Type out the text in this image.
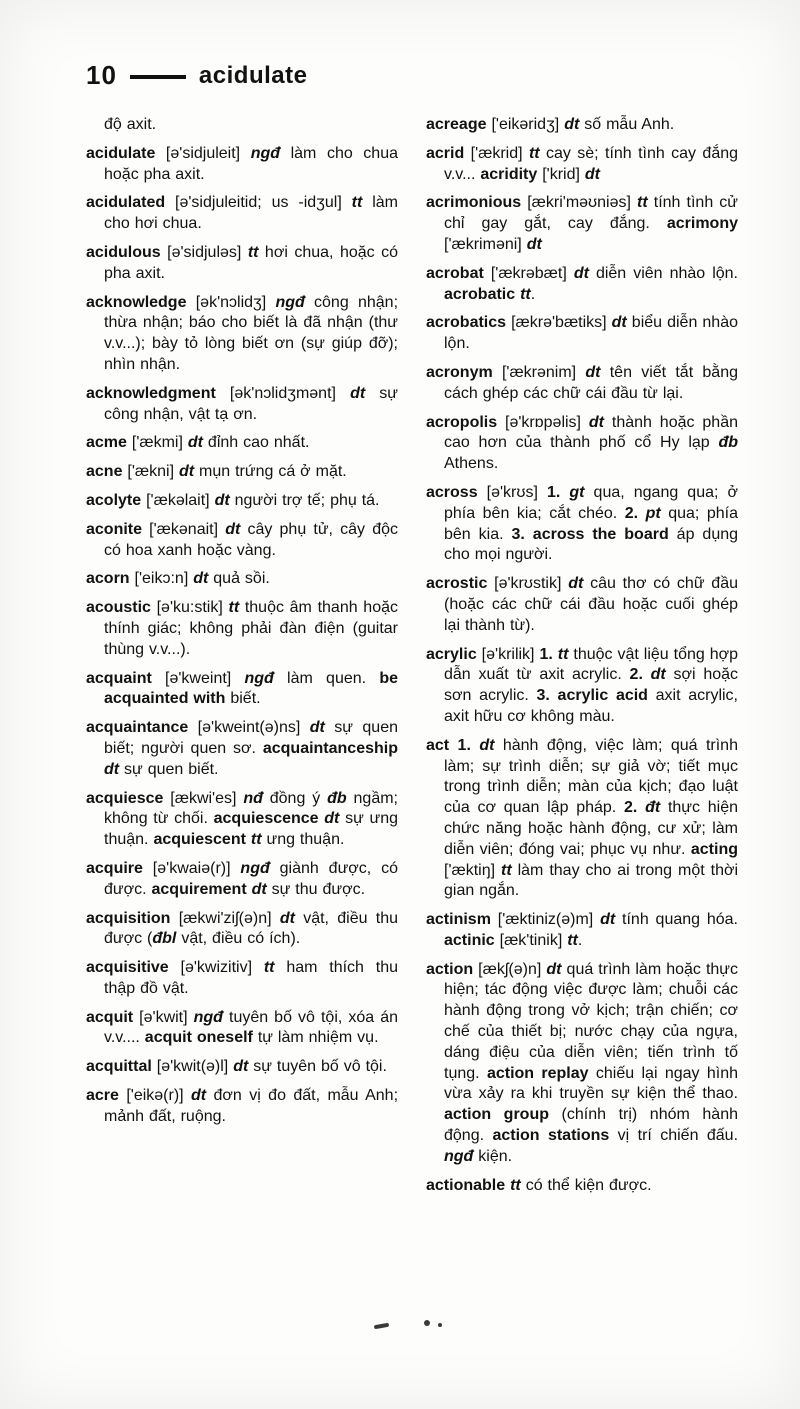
10	acidulate

độ axit.

acidulate [ə'sidjuleit] ngđ làm cho chua hoặc pha axit.

acidulated [ə'sidjuleitid; us -idʒul] tt làm cho hơi chua.

acidulous [ə'sidjuləs] tt hơi chua, hoặc có pha axit.

acknowledge [ək'nɔlidʒ] ngđ công nhận; thừa nhận; báo cho biết là đã nhận (thư v.v...); bày tỏ lòng biết ơn (sự giúp đỡ); nhìn nhận.

acknowledgment [ək'nɔlidʒmənt] dt sự công nhận, vật tạ ơn.

acme ['ækmi] dt đỉnh cao nhất.

acne ['ækni] dt mụn trứng cá ở mặt.

acolyte ['ækəlait] dt người trợ tế; phụ tá.

aconite ['ækənait] dt cây phụ tử, cây độc có hoa xanh hoặc vàng.

acorn ['eikɔ:n] dt quả sồi.

acoustic [ə'ku:stik] tt thuộc âm thanh hoặc thính giác; không phải đàn điện (guitar thùng v.v...).

acquaint [ə'kweint] ngđ làm quen. be acquainted with biết.

acquaintance [ə'kweint(ə)ns] dt sự quen biết; người quen sơ. acquaintanceship dt sự quen biết.

acquiesce [ækwi'es] nđ đồng ý đb ngầm; không từ chối. acquiescence dt sự ưng thuận. acquiescent tt ưng thuận.

acquire [ə'kwaiə(r)] ngđ giành được, có được. acquirement dt sự thu được.

acquisition [ækwi'ziʃ(ə)n] dt vật, điều thu được (đbl vật, điều có ích).

acquisitive [ə'kwizitiv] tt ham thích thu thập đồ vật.

acquit [ə'kwit] ngđ tuyên bố vô tội, xóa án v.v.... acquit oneself tự làm nhiệm vụ.

acquittal [ə'kwit(ə)l] dt sự tuyên bố vô tội.

acre ['eikə(r)] dt đơn vị đo đất, mẫu Anh; mảnh đất, ruộng.

acreage ['eikəridʒ] dt số mẫu Anh.

acrid ['ækrid] tt cay sè; tính tình cay đắng v.v... acridity ['krid] dt

acrimonious [ækri'məʊniəs] tt tính tình cử chỉ gay gắt, cay đắng. acrimony ['ækriməni] dt

acrobat ['ækrəbæt] dt diễn viên nhào lộn. acrobatic tt.

acrobatics [ækrə'bætiks] dt biểu diễn nhào lộn.

acronym ['ækrənim] dt tên viết tắt bằng cách ghép các chữ cái đầu từ lại.

acropolis [ə'krɒpəlis] dt thành hoặc phần cao hơn của thành phố cổ Hy lạp đb Athens.

across [ə'krʊs] 1. gt qua, ngang qua; ở phía bên kia; cắt chéo. 2. pt qua; phía bên kia. 3. across the board áp dụng cho mọi người.

acrostic [ə'krʊstik] dt câu thơ có chữ đầu (hoặc các chữ cái đầu hoặc cuối ghép lại thành từ).

acrylic [ə'krilik] 1. tt thuộc vật liệu tổng hợp dẫn xuất từ axit acrylic. 2. dt sợi hoặc sơn acrylic. 3. acrylic acid axit acrylic, axit hữu cơ không màu.

act 1. dt hành động, việc làm; quá trình làm; sự trình diễn; sự giả vờ; tiết mục trong trình diễn; màn của kịch; đạo luật của cơ quan lập pháp. 2. đt thực hiện chức năng hoặc hành động, cư xử; làm diễn viên; đóng vai; phục vụ như. acting ['æktiŋ] tt làm thay cho ai trong một thời gian ngắn.

actinism ['æktiniz(ə)m] dt tính quang hóa. actinic [æk'tinik] tt.

action [ækʃ(ə)n] dt quá trình làm hoặc thực hiện; tác động việc được làm; chuỗi các hành động trong vở kịch; trận chiến; cơ chế của thiết bị; nước chạy của ngựa, dáng điệu của diễn viên; tiến trình tố tụng. action replay chiếu lại ngay hình vừa xảy ra khi truyền sự kiện thể thao. action group (chính trị) nhóm hành động. action stations vị trí chiến đấu. ngđ kiện.

actionable tt có thể kiện được.
